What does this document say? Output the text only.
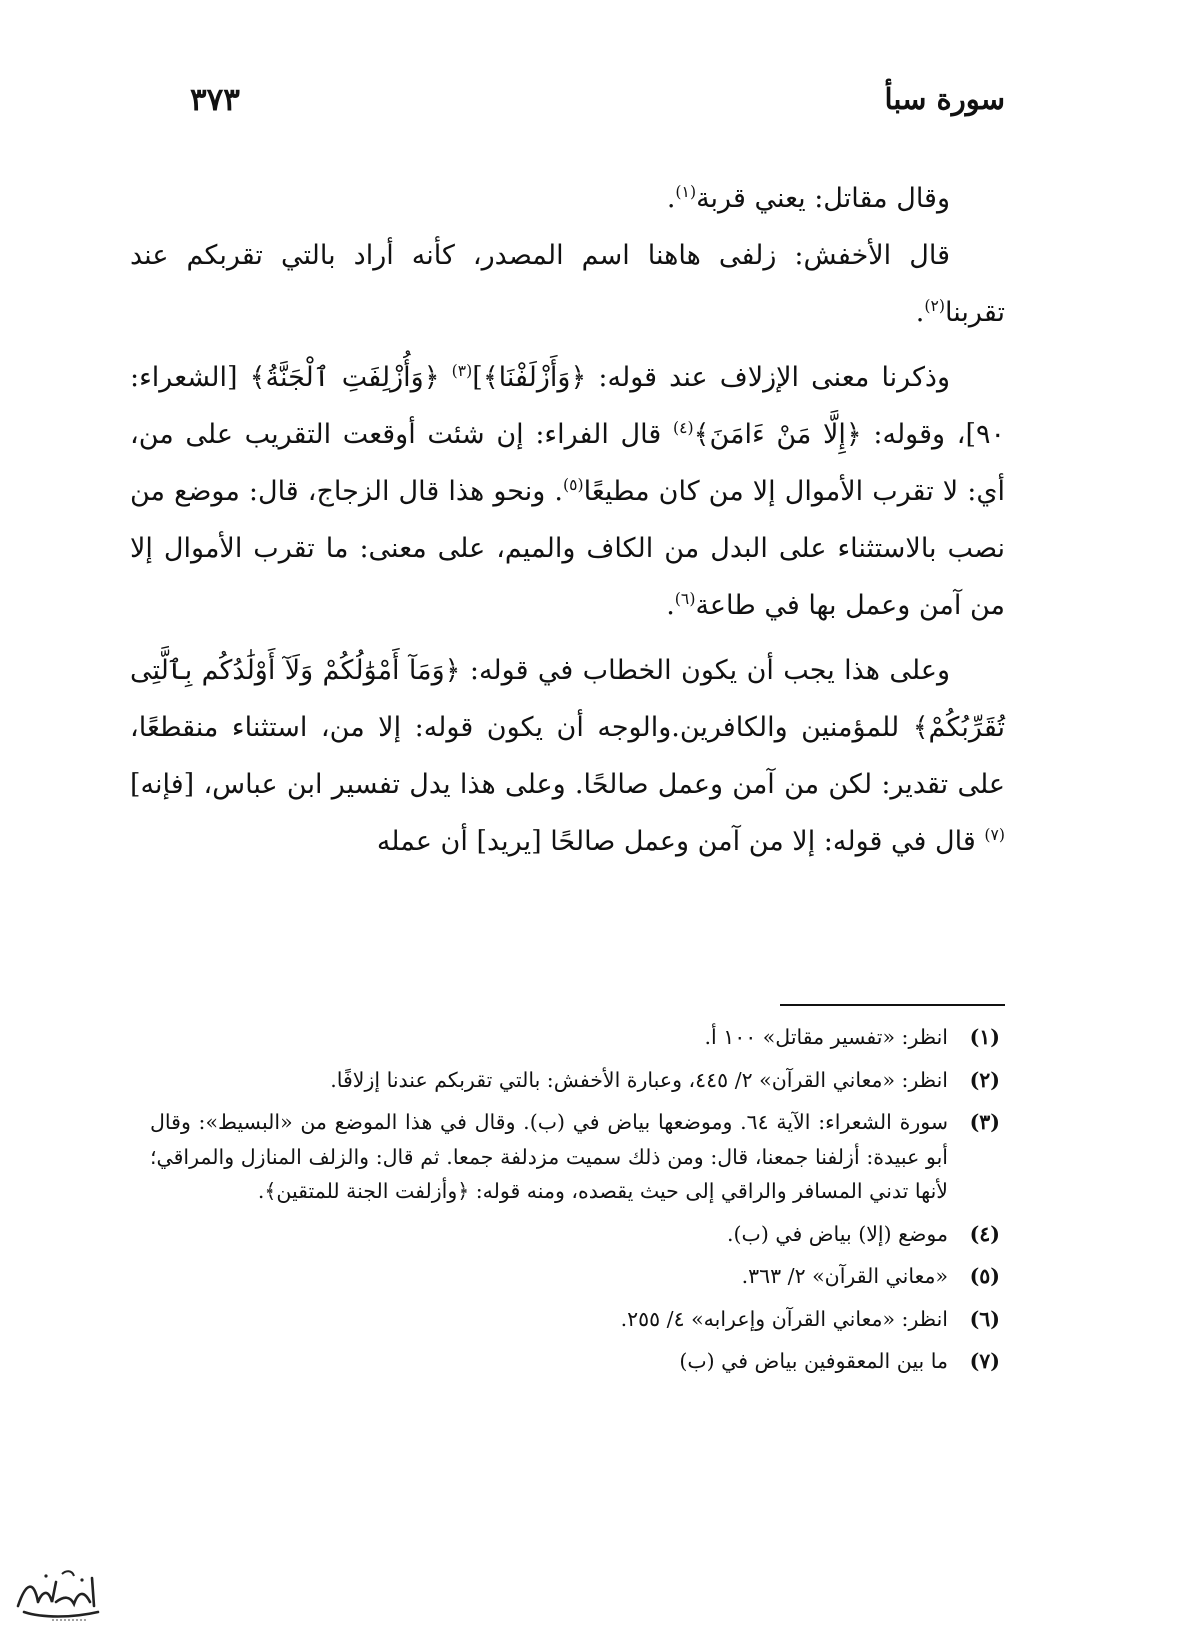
سورة سبأ
٣٧٣

وقال مقاتل: يعني قربة$^{(١)}$.

قال الأخفش: زلفى هاهنا اسم المصدر، كأنه أراد بالتي تقربكم عند تقربنا$^{(٢)}$.

وذكرنا معنى الإزلاف عند قوله: ﴿وَأَزْلَفْنَا﴾]$^{(٣)}$ ﴿وَأُزْلِفَتِ ٱلْجَنَّةُ﴾ [الشعراء: ٩٠]، وقوله: ﴿إِلَّا مَنْ ءَامَنَ﴾$^{(٤)}$ قال الفراء: إن شئت أوقعت التقريب على من، أي: لا تقرب الأموال إلا من كان مطيعًا$^{(٥)}$. ونحو هذا قال الزجاج، قال: موضع من نصب بالاستثناء على البدل من الكاف والميم، على معنى: ما تقرب الأموال إلا من آمن وعمل بها في طاعة$^{(٦)}$.

وعلى هذا يجب أن يكون الخطاب في قوله: ﴿وَمَآ أَمْوَٰلُكُمْ وَلَآ أَوْلَٰدُكُم بِٱلَّتِى تُقَرِّبُكُمْ﴾ للمؤمنين والكافرين.والوجه أن يكون قوله: إلا من، استثناء منقطعًا، على تقدير: لكن من آمن وعمل صالحًا. وعلى هذا يدل تفسير ابن عباس، [فإنه]$^{(٧)}$ قال في قوله: إلا من آمن وعمل صالحًا [يريد] أن عمله

(١)
انظر: «تفسير مقاتل» ١٠٠ أ.
(٢)
انظر: «معاني القرآن» ٢/ ٤٤٥، وعبارة الأخفش: بالتي تقربكم عندنا إزلافًا.
(٣)
سورة الشعراء: الآية ٦٤. وموضعها بياض في (ب). وقال في هذا الموضع من «البسيط»: وقال أبو عبيدة: أزلفنا جمعنا، قال: ومن ذلك سميت مزدلفة جمعا. ثم قال: والزلف المنازل والمراقي؛ لأنها تدني المسافر والراقي إلى حيث يقصده، ومنه قوله: ﴿وأزلفت الجنة للمتقين﴾.
(٤)
موضع (إلا) بياض في (ب).
(٥)
«معاني القرآن» ٢/ ٣٦٣.
(٦)
انظر: «معاني القرآن وإعرابه» ٤/ ٢٥٥.
(٧)
ما بين المعقوفين بياض في (ب)
